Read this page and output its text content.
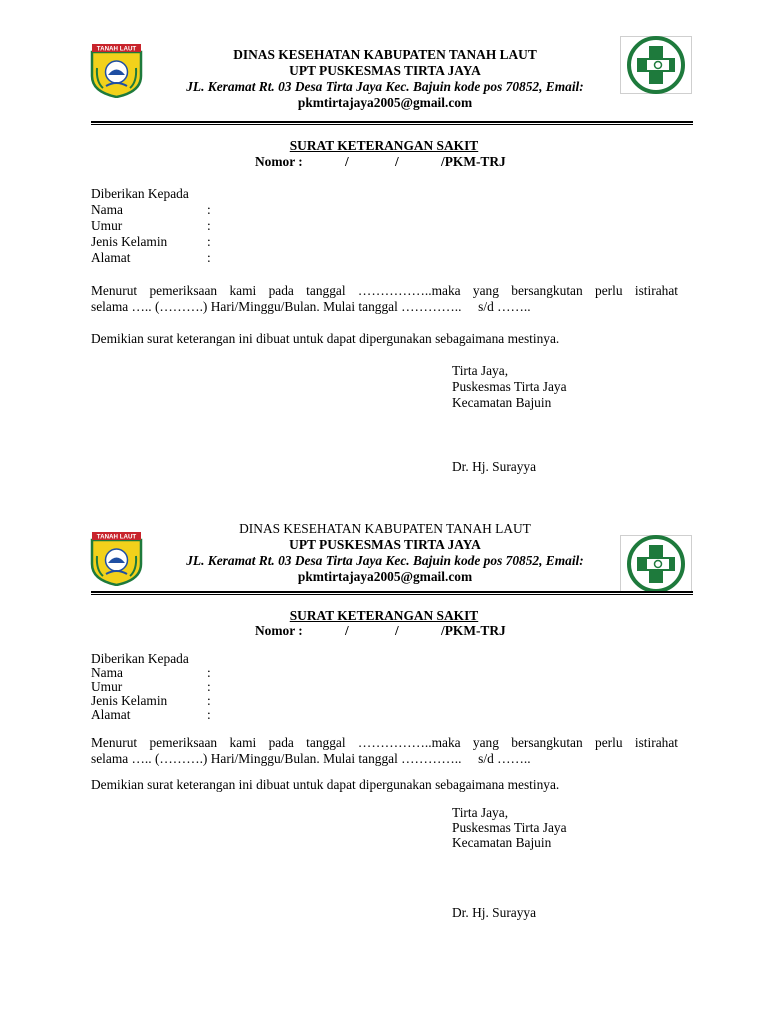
TANAH LAUT	DINAS KESEHATAN KABUPATEN TANAH LAUT
UPT PUSKESMAS TIRTA JAYA
JL. Keramat Rt. 03 Desa Tirta Jaya Kec. Bajuin kode pos 70852, Email:
pkmtirtajaya2005@gmail.com
SURAT KETERANGAN SAKIT
Nomor :	/	/	/PKM-TRJ
Diberikan Kepada
Nama	:
Umur	:
Jenis Kelamin	:
Alamat	:
Menurut pemeriksaan kami pada tanggal ……………..maka yang bersangkutan perlu istirahat
selama ….. (……….) Hari/Minggu/Bulan. Mulai tanggal …………..     s/d ……..
Demikian surat keterangan ini dibuat untuk dapat dipergunakan sebagaimana mestinya.
Tirta Jaya,
Puskesmas Tirta Jaya
Kecamatan Bajuin
Dr. Hj. Surayya
TANAH LAUT
DINAS KESEHATAN KABUPATEN TANAH LAUT
UPT PUSKESMAS TIRTA JAYA
JL. Keramat Rt. 03 Desa Tirta Jaya Kec. Bajuin kode pos 70852, Email:
pkmtirtajaya2005@gmail.com
SURAT KETERANGAN SAKIT
Nomor :	/	/	/PKM-TRJ
Diberikan Kepada
Nama	:
Umur	:
Jenis Kelamin	:
Alamat	:
Menurut pemeriksaan kami pada tanggal ……………..maka yang bersangkutan perlu istirahat
selama ….. (……….) Hari/Minggu/Bulan. Mulai tanggal …………..     s/d ……..
Demikian surat keterangan ini dibuat untuk dapat dipergunakan sebagaimana mestinya.
Tirta Jaya,
Puskesmas Tirta Jaya
Kecamatan Bajuin
Dr. Hj. Surayya
